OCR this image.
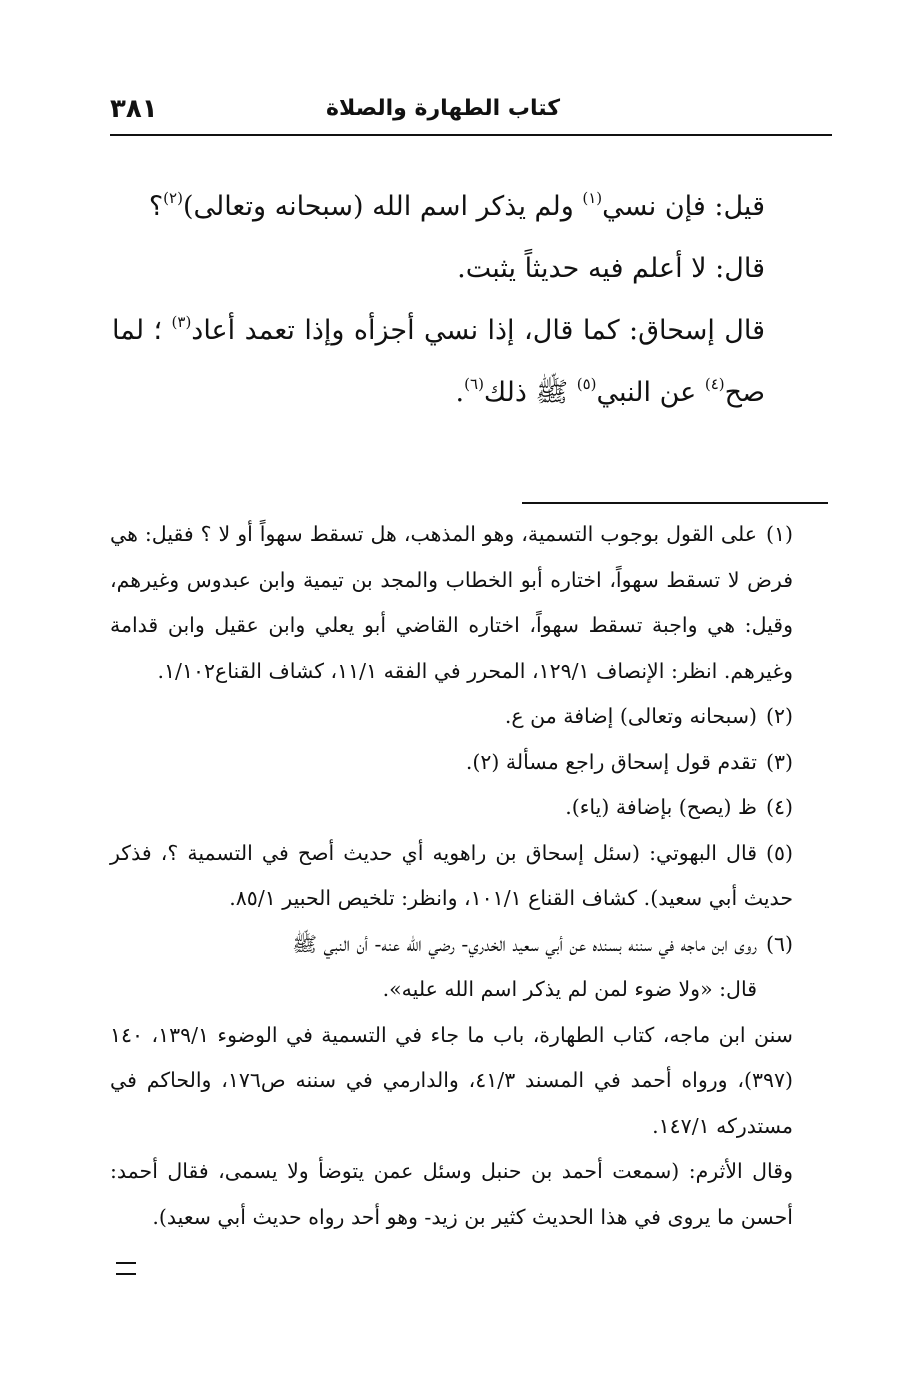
كتاب الطهارة والصلاة
٣٨١

قيل: فإن نسي$^{(١)}$ ولم يذكر اسم الله (سبحانه وتعالى)$^{(٢)}$؟

قال: لا أعلم فيه حديثاً يثبت.

قال إسحاق: كما قال، إذا نسي أجزأه وإذا تعمد أعاد$^{(٣)}$ ؛ لما صح$^{(٤)}$ عن النبي$^{(٥)}$ ﷺ ذلك$^{(٦)}$.

(١)على القول بوجوب التسمية، وهو المذهب، هل تسقط سهواً أو لا ؟ فقيل: هي فرض لا تسقط سهواً، اختاره أبو الخطاب والمجد بن تيمية وابن عبدوس وغيرهم، وقيل: هي واجبة تسقط سهواً، اختاره القاضي أبو يعلي وابن عقيل وابن قدامة وغيرهم. انظر: الإنصاف ١٢٩/١، المحرر في الفقه ١١/١، كشاف القناع١/١٠٢.

(٢)(سبحانه وتعالى) إضافة من ع.

(٣)تقدم قول إسحاق راجع مسألة (٢).

(٤)ظ (يصح) بإضافة (ياء).

(٥)قال البهوتي: (سئل إسحاق بن راهويه أي حديث أصح في التسمية ؟، فذكر حديث أبي سعيد). كشاف القناع ١٠١/١، وانظر: تلخيص الحبير ٨٥/١.

(٦)روى ابن ماجه في سننه بسنده عن أبي سعيد الخدري- رضي الله عنه- أن النبي ﷺ

قال: «ولا ضوء لمن لم يذكر اسم الله عليه».

سنن ابن ماجه، كتاب الطهارة، باب ما جاء في التسمية في الوضوء ١٣٩/١، ١٤٠ (٣٩٧)، ورواه أحمد في المسند ٤١/٣، والدارمي في سننه ص١٧٦، والحاكم في مستدركه ١٤٧/١.

وقال الأثرم: (سمعت أحمد بن حنبل وسئل عمن يتوضأ ولا يسمى، فقال أحمد: أحسن ما يروى في هذا الحديث كثير بن زيد- وهو أحد رواه حديث أبي سعيد).
